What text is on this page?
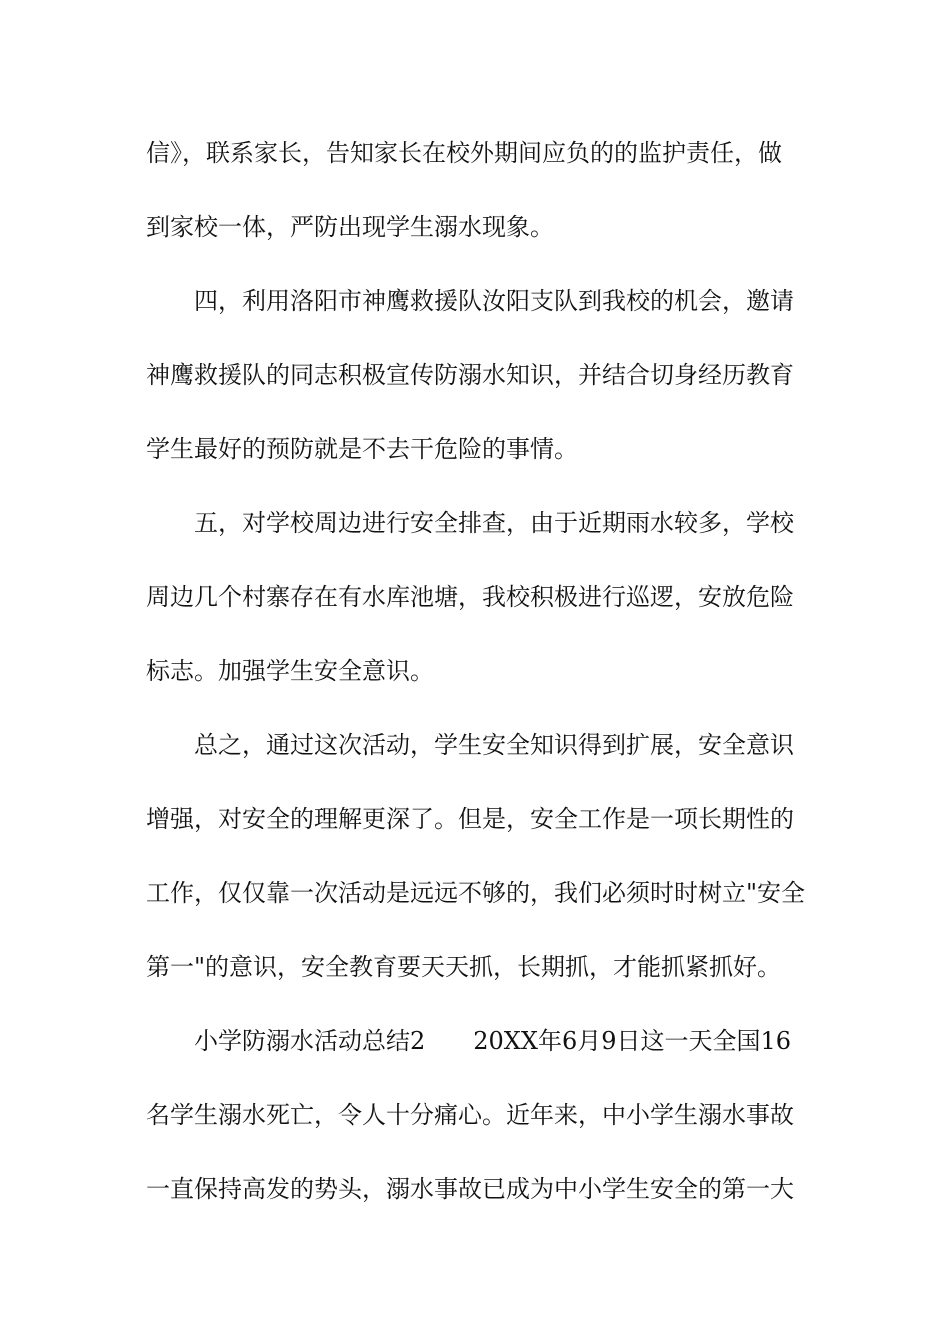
信》，联系家长，告知家长在校外期间应负的的监护责任，做
到家校一体，严防出现学生溺水现象。
四，利用洛阳市神鹰救援队汝阳支队到我校的机会，邀请
神鹰救援队的同志积极宣传防溺水知识，并结合切身经历教育
学生最好的预防就是不去干危险的事情。
五，对学校周边进行安全排查，由于近期雨水较多，学校
周边几个村寨存在有水库池塘，我校积极进行巡逻，安放危险
标志。加强学生安全意识。
总之，通过这次活动，学生安全知识得到扩展，安全意识
增强，对安全的理解更深了。但是，安全工作是一项长期性的
工作，仅仅靠一次活动是远远不够的，我们必须时时树立"安全
第一"的意识，安全教育要天天抓，长期抓，才能抓紧抓好。
小学防溺水活动总结2　　20XX年6月9日这一天全国16
名学生溺水死亡，令人十分痛心。近年来，中小学生溺水事故
一直保持高发的势头，溺水事故已成为中小学生安全的第一大
